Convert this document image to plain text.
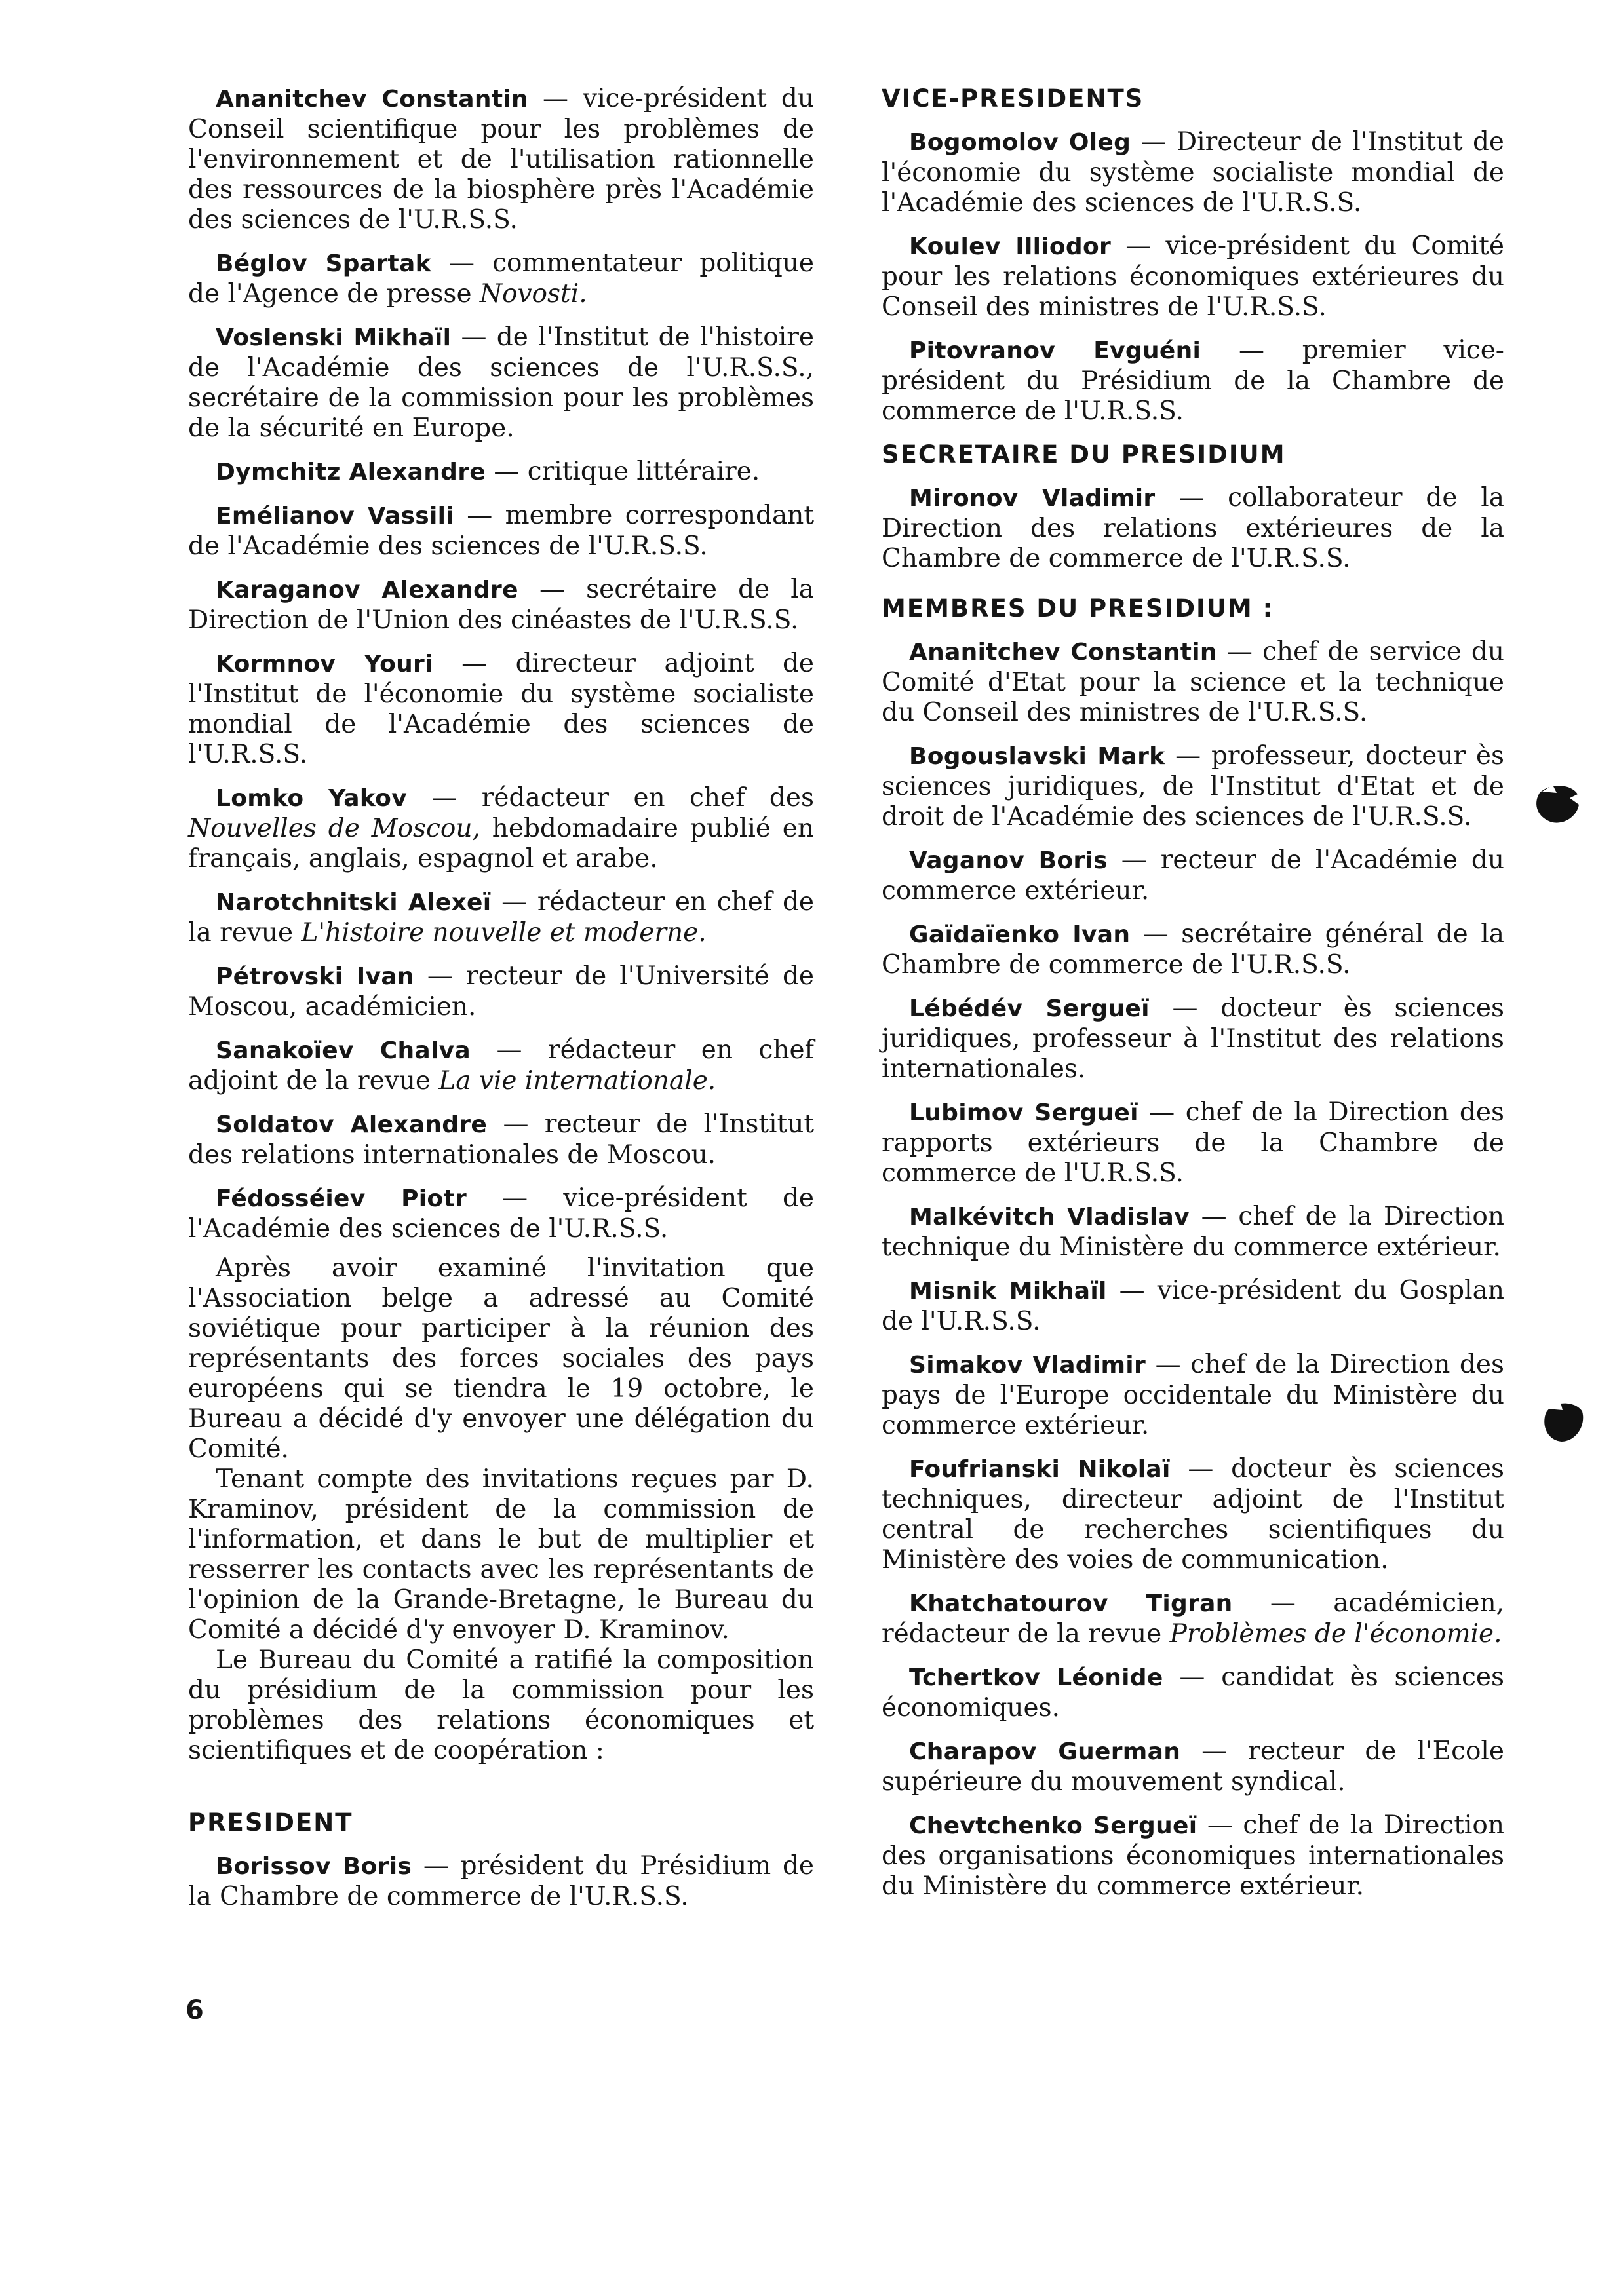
Ananitchev Constantin — vice-président du Conseil scientifique pour les problèmes de l'environnement et de l'utilisation rationnelle des ressources de la biosphère près l'Académie des sciences de l'U.R.S.S.

Béglov Spartak — commentateur politique de l'Agence de presse Novosti.

Voslenski Mikhaïl — de l'Institut de l'histoire de l'Académie des sciences de l'U.R.S.S., secrétaire de la commission pour les problèmes de la sécurité en Europe.

Dymchitz Alexandre — critique littéraire.

Emélianov Vassili — membre correspondant de l'Académie des sciences de l'U.R.S.S.

Karaganov Alexandre — secrétaire de la Direction de l'Union des cinéastes de l'U.R.S.S.

Kormnov Youri — directeur adjoint de l'Institut de l'économie du système socialiste mondial de l'Académie des sciences de l'U.R.S.S.

Lomko Yakov — rédacteur en chef des Nouvelles de Moscou, hebdomadaire publié en français, anglais, espagnol et arabe.

Narotchnitski Alexeï — rédacteur en chef de la revue L'histoire nouvelle et moderne.

Pétrovski Ivan — recteur de l'Université de Moscou, académicien.

Sanakoïev Chalva — rédacteur en chef adjoint de la revue La vie internationale.

Soldatov Alexandre — recteur de l'Institut des relations internationales de Moscou.

Fédosséiev Piotr — vice-président de l'Académie des sciences de l'U.R.S.S.

Après avoir examiné l'invitation que l'Association belge a adressé au Comité soviétique pour participer à la réunion des représentants des forces sociales des pays européens qui se tiendra le 19 octobre, le Bureau a décidé d'y envoyer une délégation du Comité.

Tenant compte des invitations reçues par D. Kraminov, président de la commission de l'information, et dans le but de multiplier et resserrer les contacts avec les représentants de l'opinion de la Grande-Bretagne, le Bureau du Comité a décidé d'y envoyer D. Kraminov.

Le Bureau du Comité a ratifié la composition du présidium de la commission pour les problèmes des relations économiques et scientifiques et de coopération :

PRESIDENT

Borissov Boris — président du Présidium de la Chambre de commerce de l'U.R.S.S.

VICE-PRESIDENTS

Bogomolov Oleg — Directeur de l'Institut de l'économie du système socialiste mondial de l'Académie des sciences de l'U.R.S.S.

Koulev Illiodor — vice-président du Comité pour les relations économiques extérieures du Conseil des ministres de l'U.R.S.S.

Pitovranov Evguéni — premier vice-président du Présidium de la Chambre de commerce de l'U.R.S.S.

SECRETAIRE DU PRESIDIUM

Mironov Vladimir — collaborateur de la Direction des relations extérieures de la Chambre de commerce de l'U.R.S.S.

MEMBRES DU PRESIDIUM :

Ananitchev Constantin — chef de service du Comité d'Etat pour la science et la technique du Conseil des ministres de l'U.R.S.S.

Bogouslavski Mark — professeur, docteur ès sciences juridiques, de l'Institut d'Etat et de droit de l'Académie des sciences de l'U.R.S.S.

Vaganov Boris — recteur de l'Académie du commerce extérieur.

Gaïdaïenko Ivan — secrétaire général de la Chambre de commerce de l'U.R.S.S.

Lébédév Sergueï — docteur ès sciences juridiques, professeur à l'Institut des relations internationales.

Lubimov Sergueï — chef de la Direction des rapports extérieurs de la Chambre de commerce de l'U.R.S.S.

Malkévitch Vladislav — chef de la Direction technique du Ministère du commerce extérieur.

Misnik Mikhaïl — vice-président du Gosplan de l'U.R.S.S.

Simakov Vladimir — chef de la Direction des pays de l'Europe occidentale du Ministère du commerce extérieur.

Foufrianski Nikolaï — docteur ès sciences techniques, directeur adjoint de l'Institut central de recherches scientifiques du Ministère des voies de communication.

Khatchatourov Tigran — académicien, rédacteur de la revue Problèmes de l'économie.

Tchertkov Léonide — candidat ès sciences économiques.

Charapov Guerman — recteur de l'Ecole supérieure du mouvement syndical.

Chevtchenko Sergueï — chef de la Direction des organisations économiques internationales du Ministère du commerce extérieur.

6
